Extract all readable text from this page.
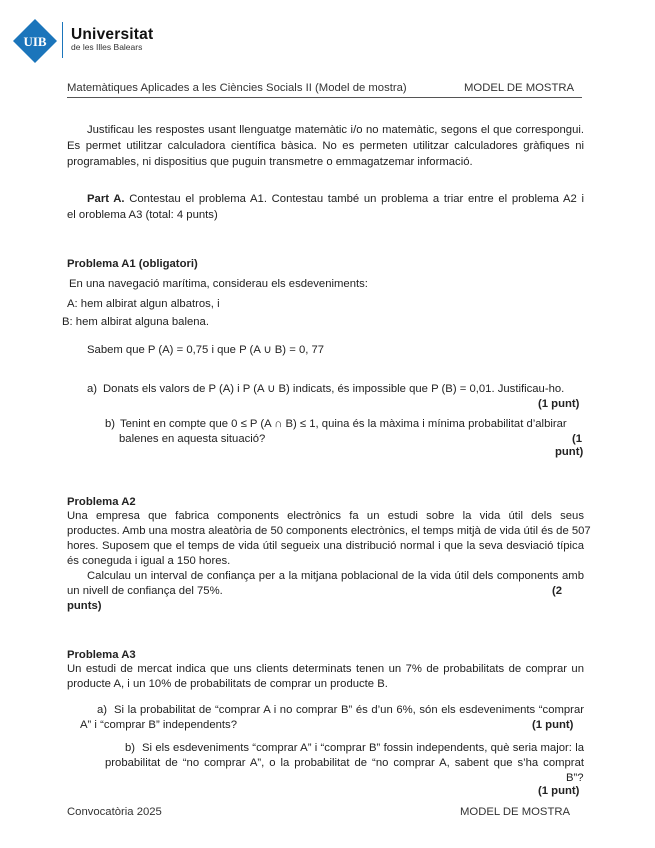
UIB Universitat
de les Illes Balears
Matemàtiques Aplicades a les Ciències Socials II (Model de mostra)	MODEL DE MOSTRA
Justificau les respostes usant llenguatge matemàtic i/o no matemàtic, segons el que correspongui.
Es permet utilitzar calculadora científica bàsica. No es permeten utilitzar calculadores gràfiques ni
programables, ni dispositius que puguin transmetre o emmagatzemar informació.
Part A. Contestau el problema A1. Contestau també un problema a triar entre el problema A2 i
el oroblema A3 (total: 4 punts)
Problema A1 (obligatori)
En una navegació marítima, considerau els esdeveniments:
A: hem albirat algun albatros, i
B: hem albirat alguna balena.
Sabem que P (A) = 0,75 i que P (A ∪ B) = 0, 77
a) Donats els valors de P (A) i P (A ∪ B) indicats, és impossible que P (B) = 0,01. Justificau-ho.
(1 punt)
b) Tenint en compte que 0 ≤ P (A ∩ B) ≤ 1, quina és la màxima i mínima probabilitat d’albirar
balenes en aquesta situació?	(1
punt)
Problema A2
Una empresa que fabrica components electrònics fa un estudi sobre la vida útil dels seus
productes. Amb una mostra aleatòria de 50 components electrònics, el temps mitjà de vida útil és de 507
hores. Suposem que el temps de vida útil segueix una distribució normal i que la seva desviació típica
és coneguda i igual a 150 hores.
Calculau un interval de confiança per a la mitjana poblacional de la vida útil dels components amb
un nivell de confiança del 75%.	(2
punts)
Problema A3
Un estudi de mercat indica que uns clients determinats tenen un 7% de probabilitats de comprar un
producte A, i un 10% de probabilitats de comprar un producte B.
a) Si la probabilitat de “comprar A i no comprar B” és d’un 6%, són els esdeveniments “comprar
A” i “comprar B” independents?	(1 punt)
b) Si els esdeveniments “comprar A” i “comprar B” fossin independents, què seria major: la
probabilitat de “no comprar A”, o la probabilitat de “no comprar A, sabent que s’ha comprat
B”?
(1 punt)
Convocatòria 2025	MODEL DE MOSTRA
